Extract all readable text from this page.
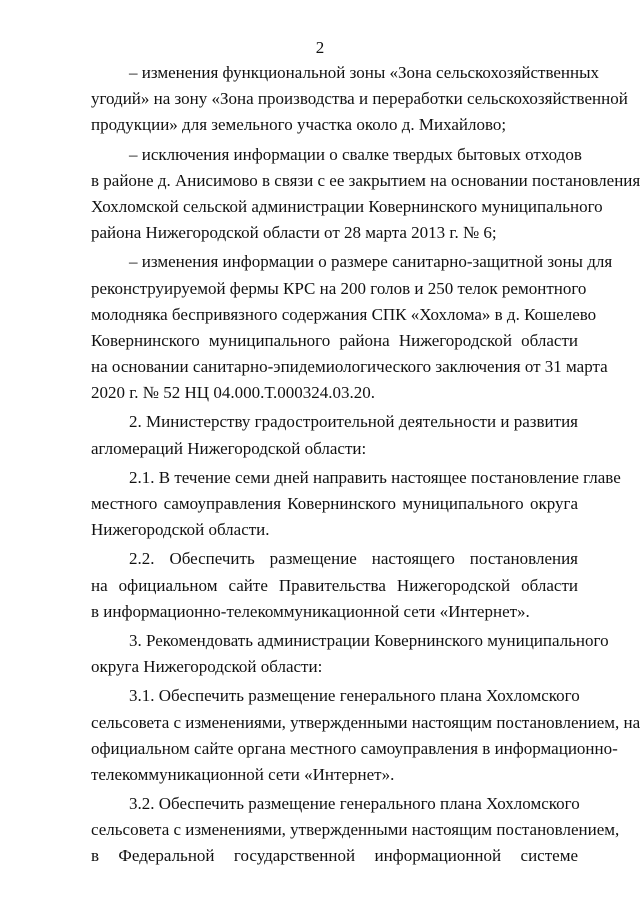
2
– изменения функциональной зоны «Зона сельскохозяйственных
угодий» на зону «Зона производства и переработки сельскохозяйственной
продукции» для земельного участка около д. Михайлово;
– исключения информации о свалке твердых бытовых отходов
в районе д. Анисимово в связи с ее закрытием на основании постановления
Хохломской сельской администрации Ковернинского муниципального
района Нижегородской области от 28 марта 2013 г. № 6;
– изменения информации о размере санитарно-защитной зоны для
реконструируемой фермы КРС на 200 голов и 250 телок ремонтного
молодняка беспривязного содержания СПК «Хохлома» в д. Кошелево
Ковернинского муниципального района Нижегородской области
на основании санитарно-эпидемиологического заключения от 31 марта
2020 г. № 52 НЦ 04.000.Т.000324.03.20.
2. Министерству градостроительной деятельности и развития
агломераций Нижегородской области:
2.1. В течение семи дней направить настоящее постановление главе
местного самоуправления Ковернинского муниципального округа
Нижегородской области.
2.2. Обеспечить размещение настоящего постановления
на официальном сайте Правительства Нижегородской области
в информационно-телекоммуникационной сети «Интернет».
3. Рекомендовать администрации Ковернинского муниципального
округа Нижегородской области:
3.1. Обеспечить размещение генерального плана Хохломского
сельсовета с изменениями, утвержденными настоящим постановлением, на
официальном сайте органа местного самоуправления в информационно-
телекоммуникационной сети «Интернет».
3.2. Обеспечить размещение генерального плана Хохломского
сельсовета с изменениями, утвержденными настоящим постановлением,
в Федеральной государственной информационной системе
